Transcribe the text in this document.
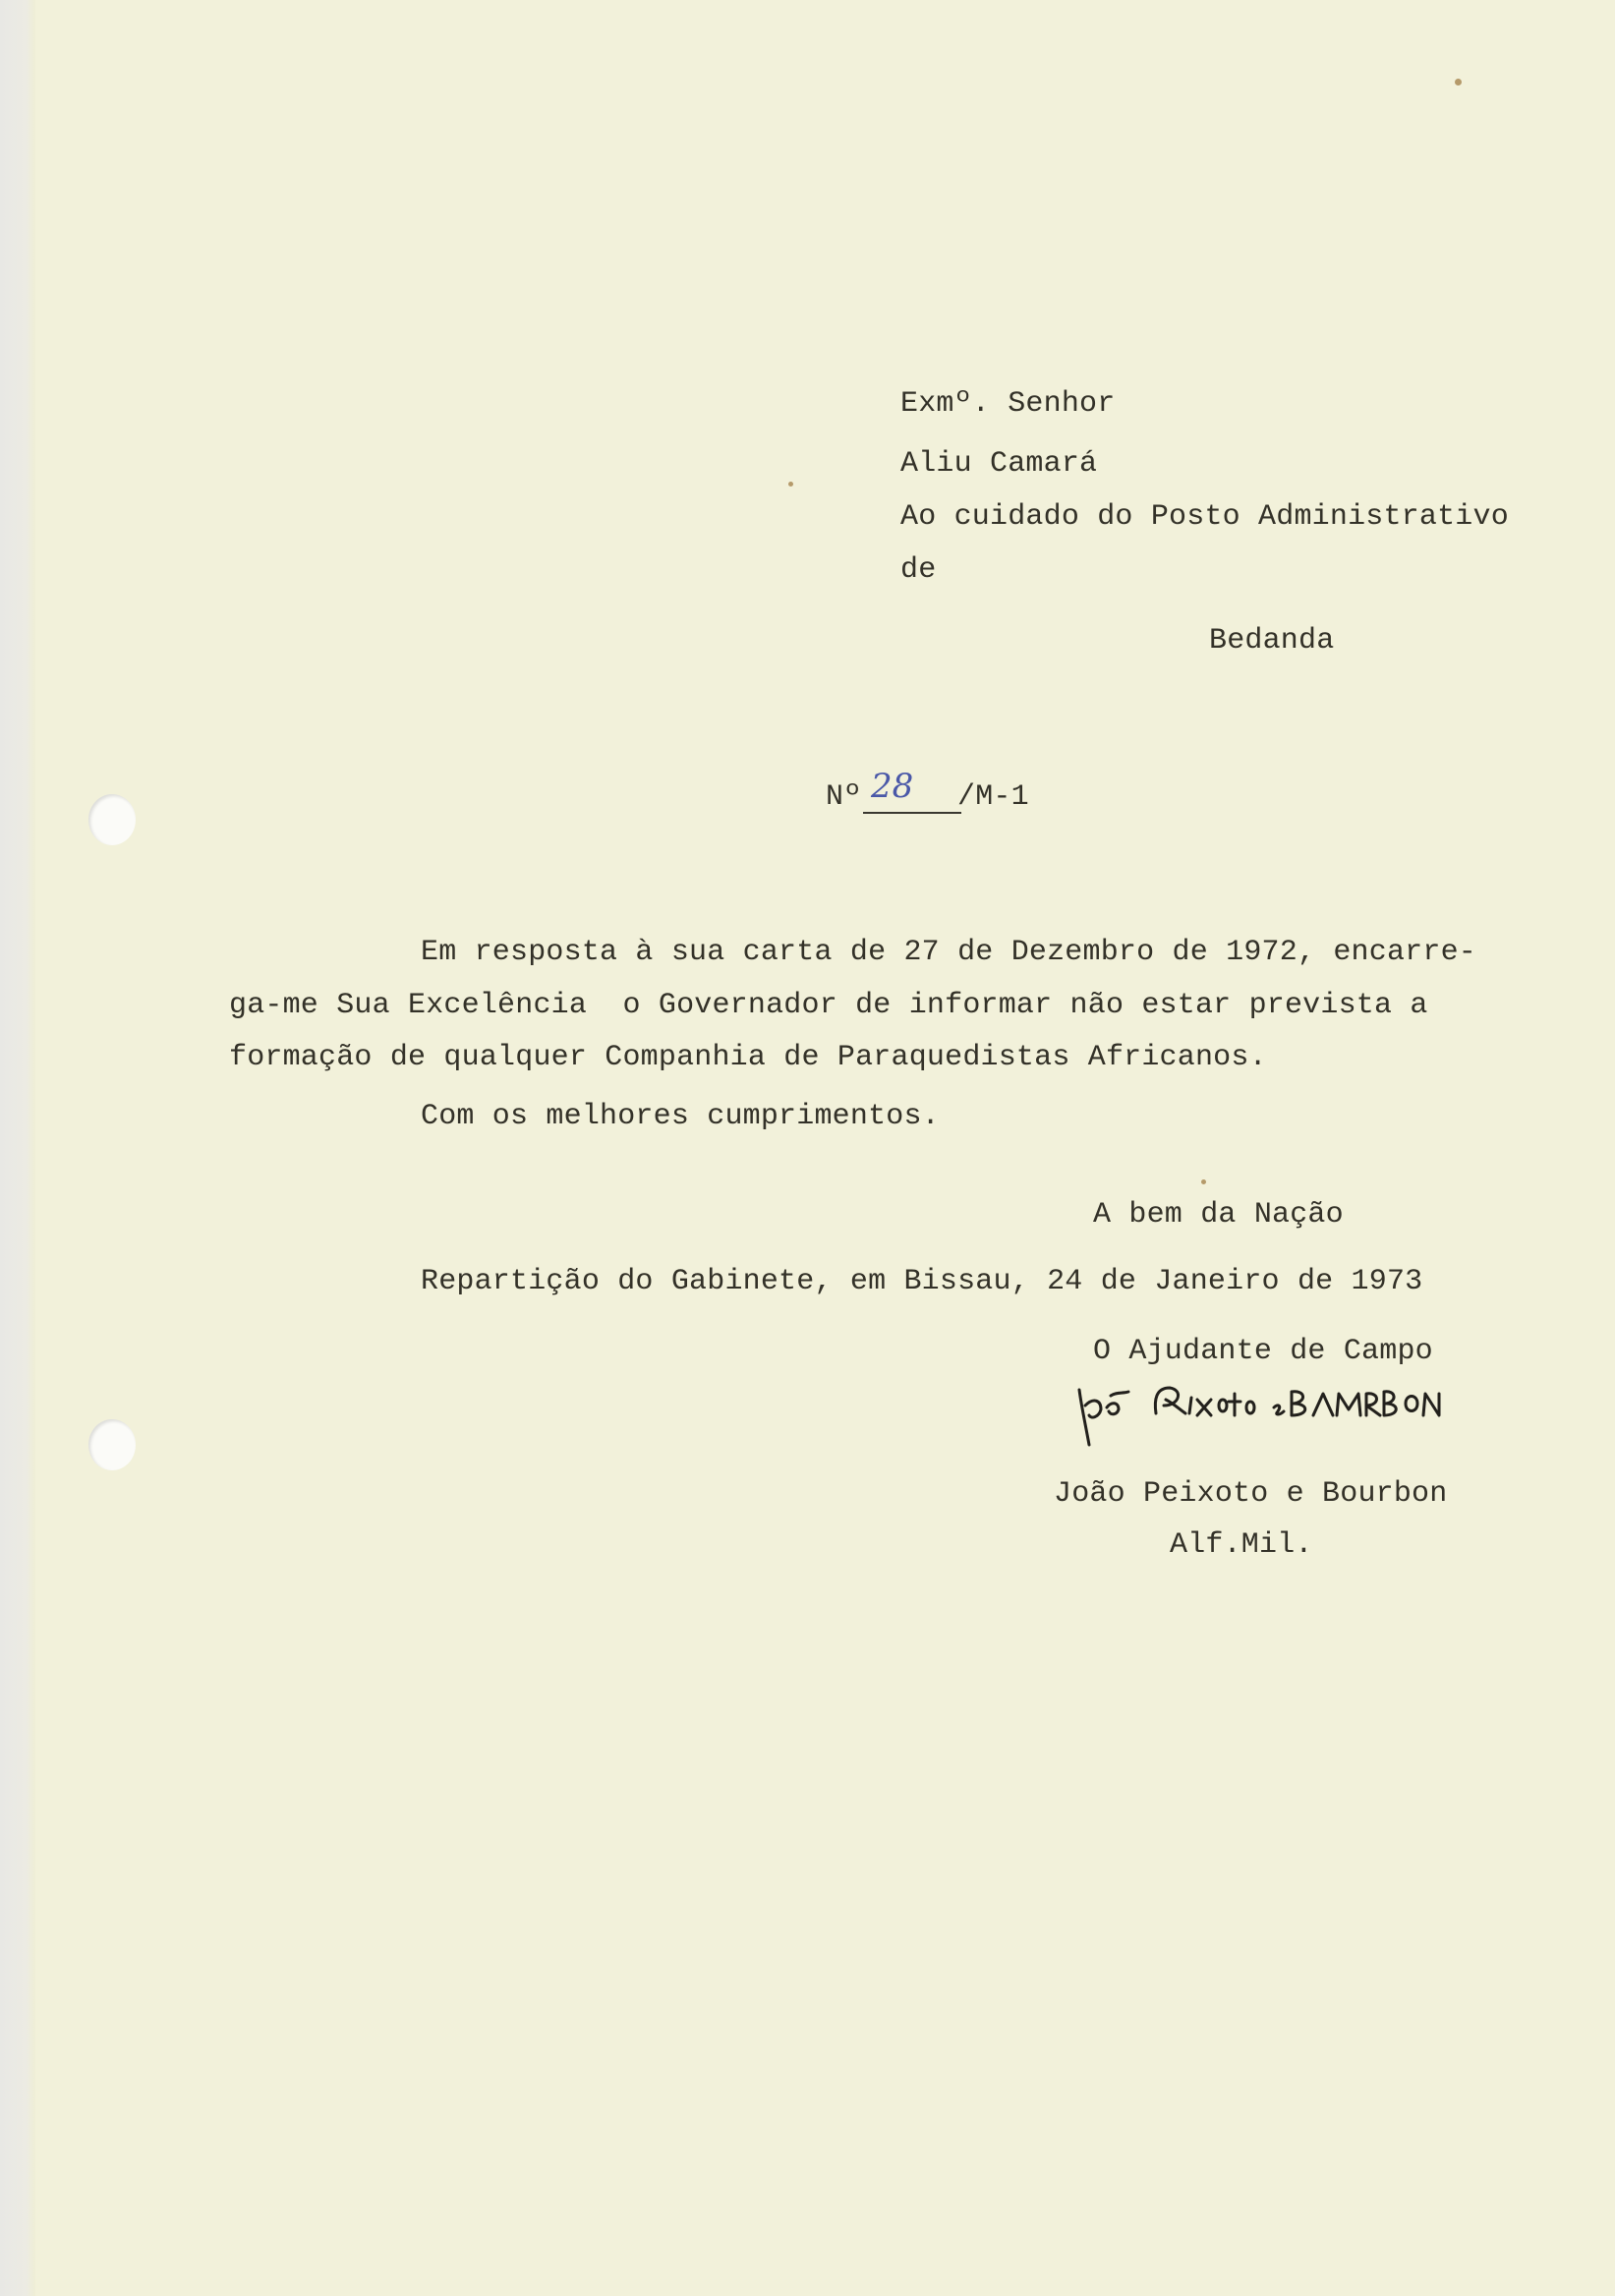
Exmº. Senhor
Aliu Camará
Ao cuidado do Posto Administrativo
de
Bedanda
Nº 28 /M-1
Em resposta à sua carta de 27 de Dezembro de 1972, encarre-
ga-me Sua Excelência  o Governador de informar não estar prevista a
formação de qualquer Companhia de Paraquedistas Africanos.
Com os melhores cumprimentos.
A bem da Nação
Repartição do Gabinete, em Bissau, 24 de Janeiro de 1973
O Ajudante de Campo
João Peixoto e Bourbon
Alf.Mil.
